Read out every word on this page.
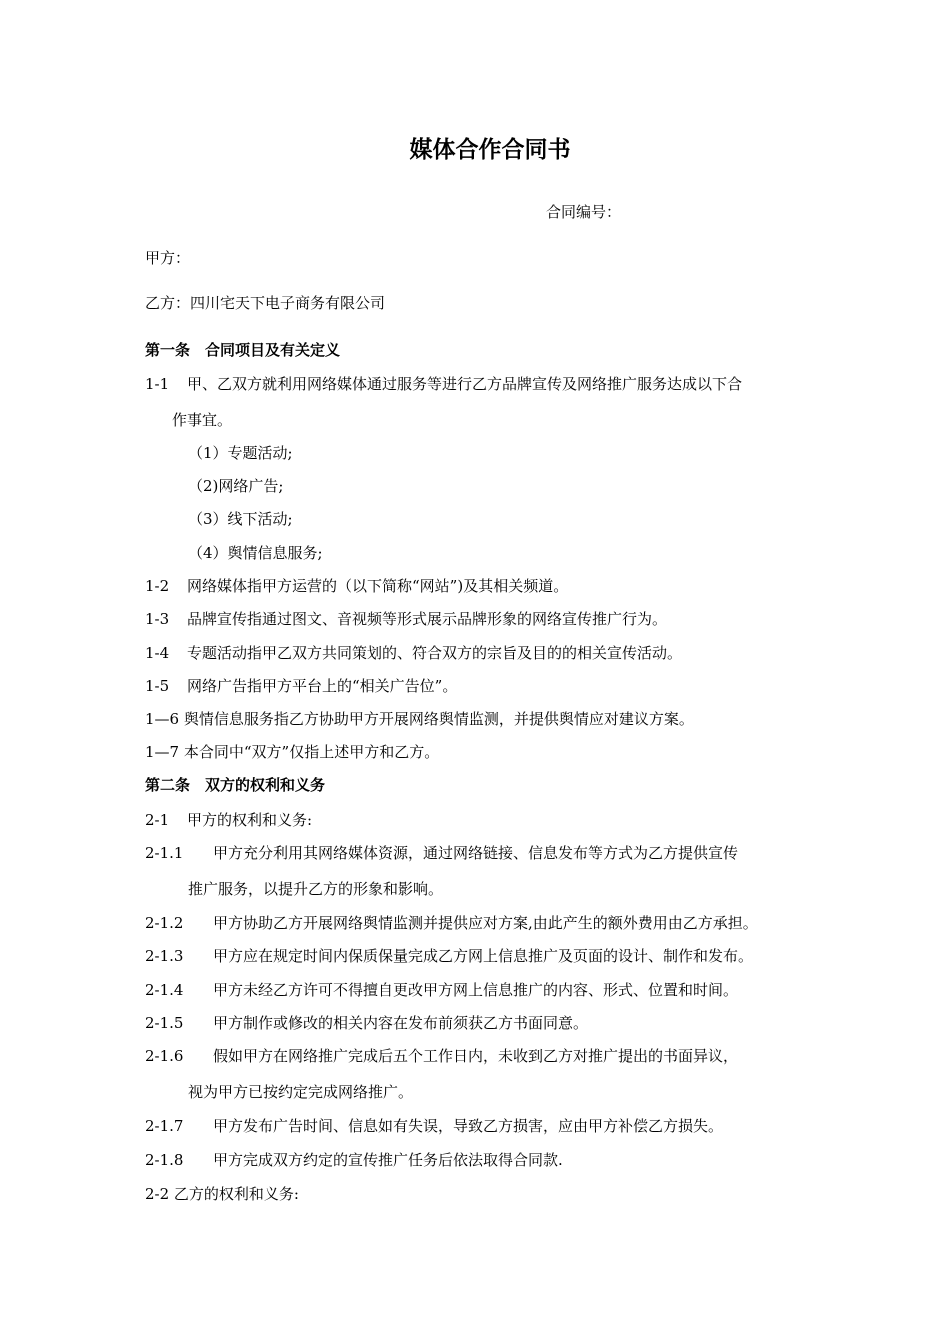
媒体合作合同书
合同编号：
甲方：
乙方：四川宅天下电子商务有限公司
第一条　合同项目及有关定义
1-1 甲、乙双方就利用网络媒体通过服务等进行乙方品牌宣传及网络推广服务达成以下合
作事宜。
（1）专题活动;
（2)网络广告;
（3）线下活动;
（4）舆情信息服务;
1-2 网络媒体指甲方运营的（以下简称“网站”)及其相关频道。
1-3 品牌宣传指通过图文、音视频等形式展示品牌形象的网络宣传推广行为。
1-4 专题活动指甲乙双方共同策划的、符合双方的宗旨及目的的相关宣传活动。
1-5 网络广告指甲方平台上的“相关广告位”。
1—6 舆情信息服务指乙方协助甲方开展网络舆情监测，并提供舆情应对建议方案。
1—7 本合同中“双方”仅指上述甲方和乙方。
第二条　双方的权利和义务
2-1 甲方的权利和义务:
2-1.1 甲方充分利用其网络媒体资源，通过网络链接、信息发布等方式为乙方提供宣传
推广服务，以提升乙方的形象和影响。
2-1.2 甲方协助乙方开展网络舆情监测并提供应对方案,由此产生的额外费用由乙方承担。
2-1.3 甲方应在规定时间内保质保量完成乙方网上信息推广及页面的设计、制作和发布。
2-1.4 甲方未经乙方许可不得擅自更改甲方网上信息推广的内容、形式、位置和时间。
2-1.5 甲方制作或修改的相关内容在发布前须获乙方书面同意。
2-1.6 假如甲方在网络推广完成后五个工作日内，未收到乙方对推广提出的书面异议，
视为甲方已按约定完成网络推广。
2-1.7 甲方发布广告时间、信息如有失误，导致乙方损害，应由甲方补偿乙方损失。
2-1.8 甲方完成双方约定的宣传推广任务后依法取得合同款.
2-2 乙方的权利和义务:
